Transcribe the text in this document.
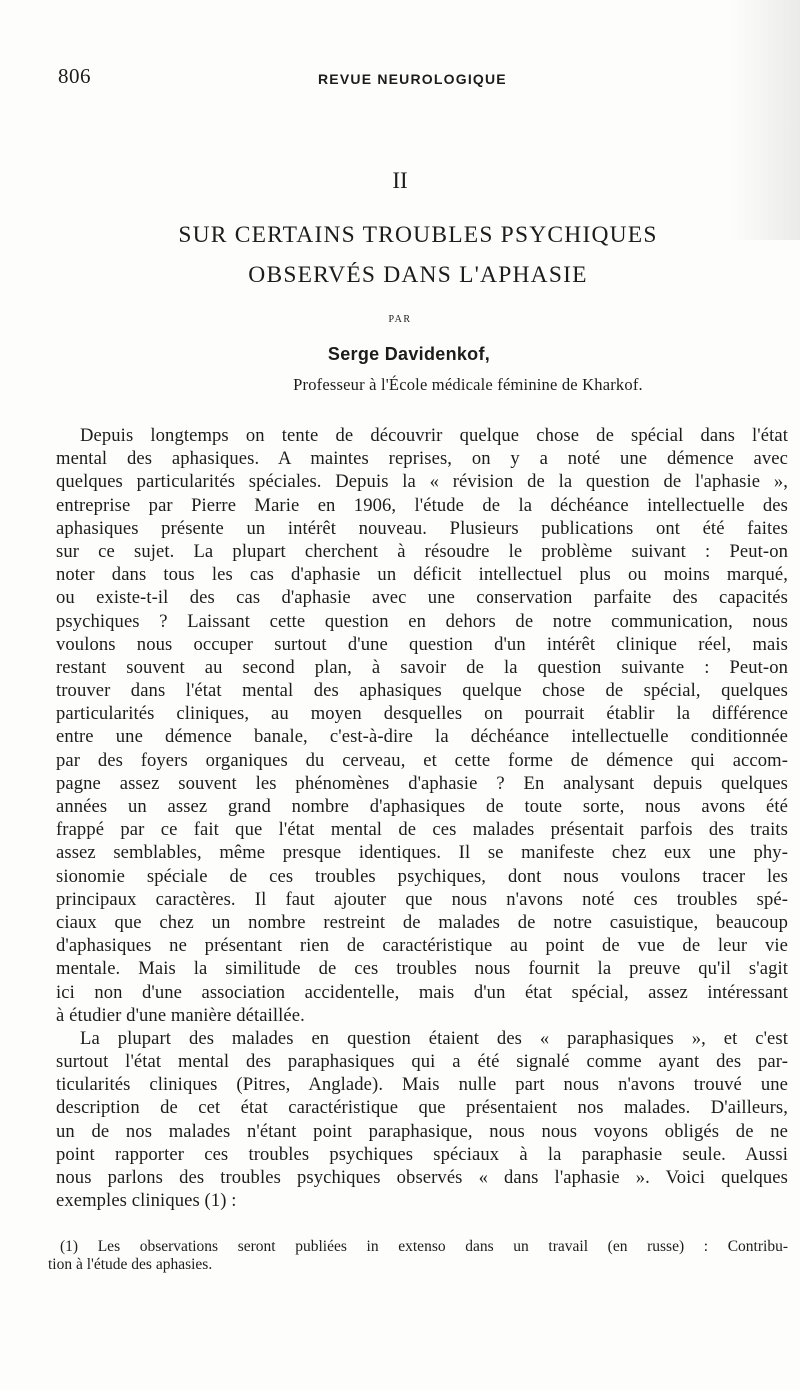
806	REVUE NEUROLOGIQUE
II
SUR CERTAINS TROUBLES PSYCHIQUES
OBSERVÉS DANS L'APHASIE
PAR
Serge Davidenkof,
Professeur à l'École médicale féminine de Kharkof.
Depuis longtemps on tente de découvrir quelque chose de spécial dans l'état
mental des aphasiques. A maintes reprises, on y a noté une démence avec
quelques particularités spéciales. Depuis la « révision de la question de l'aphasie »,
entreprise par Pierre Marie en 1906, l'étude de la déchéance intellectuelle des
aphasiques présente un intérêt nouveau. Plusieurs publications ont été faites
sur ce sujet. La plupart cherchent à résoudre le problème suivant : Peut-on
noter dans tous les cas d'aphasie un déficit intellectuel plus ou moins marqué,
ou existe-t-il des cas d'aphasie avec une conservation parfaite des capacités
psychiques ? Laissant cette question en dehors de notre communication, nous
voulons nous occuper surtout d'une question d'un intérêt clinique réel, mais
restant souvent au second plan, à savoir de la question suivante : Peut-on
trouver dans l'état mental des aphasiques quelque chose de spécial, quelques
particularités cliniques, au moyen desquelles on pourrait établir la différence
entre une démence banale, c'est-à-dire la déchéance intellectuelle conditionnée
par des foyers organiques du cerveau, et cette forme de démence qui accom-
pagne assez souvent les phénomènes d'aphasie ? En analysant depuis quelques
années un assez grand nombre d'aphasiques de toute sorte, nous avons été
frappé par ce fait que l'état mental de ces malades présentait parfois des traits
assez semblables, même presque identiques. Il se manifeste chez eux une phy-
sionomie spéciale de ces troubles psychiques, dont nous voulons tracer les
principaux caractères. Il faut ajouter que nous n'avons noté ces troubles spé-
ciaux que chez un nombre restreint de malades de notre casuistique, beaucoup
d'aphasiques ne présentant rien de caractéristique au point de vue de leur vie
mentale. Mais la similitude de ces troubles nous fournit la preuve qu'il s'agit
ici non d'une association accidentelle, mais d'un état spécial, assez intéressant
à étudier d'une manière détaillée.
La plupart des malades en question étaient des « paraphasiques », et c'est
surtout l'état mental des paraphasiques qui a été signalé comme ayant des par-
ticularités cliniques (Pitres, Anglade). Mais nulle part nous n'avons trouvé une
description de cet état caractéristique que présentaient nos malades. D'ailleurs,
un de nos malades n'étant point paraphasique, nous nous voyons obligés de ne
point rapporter ces troubles psychiques spéciaux à la paraphasie seule. Aussi
nous parlons des troubles psychiques observés « dans l'aphasie ». Voici quelques
exemples cliniques (1) :
(1) Les observations seront publiées in extenso dans un travail (en russe) : Contribu-
tion à l'étude des aphasies.
